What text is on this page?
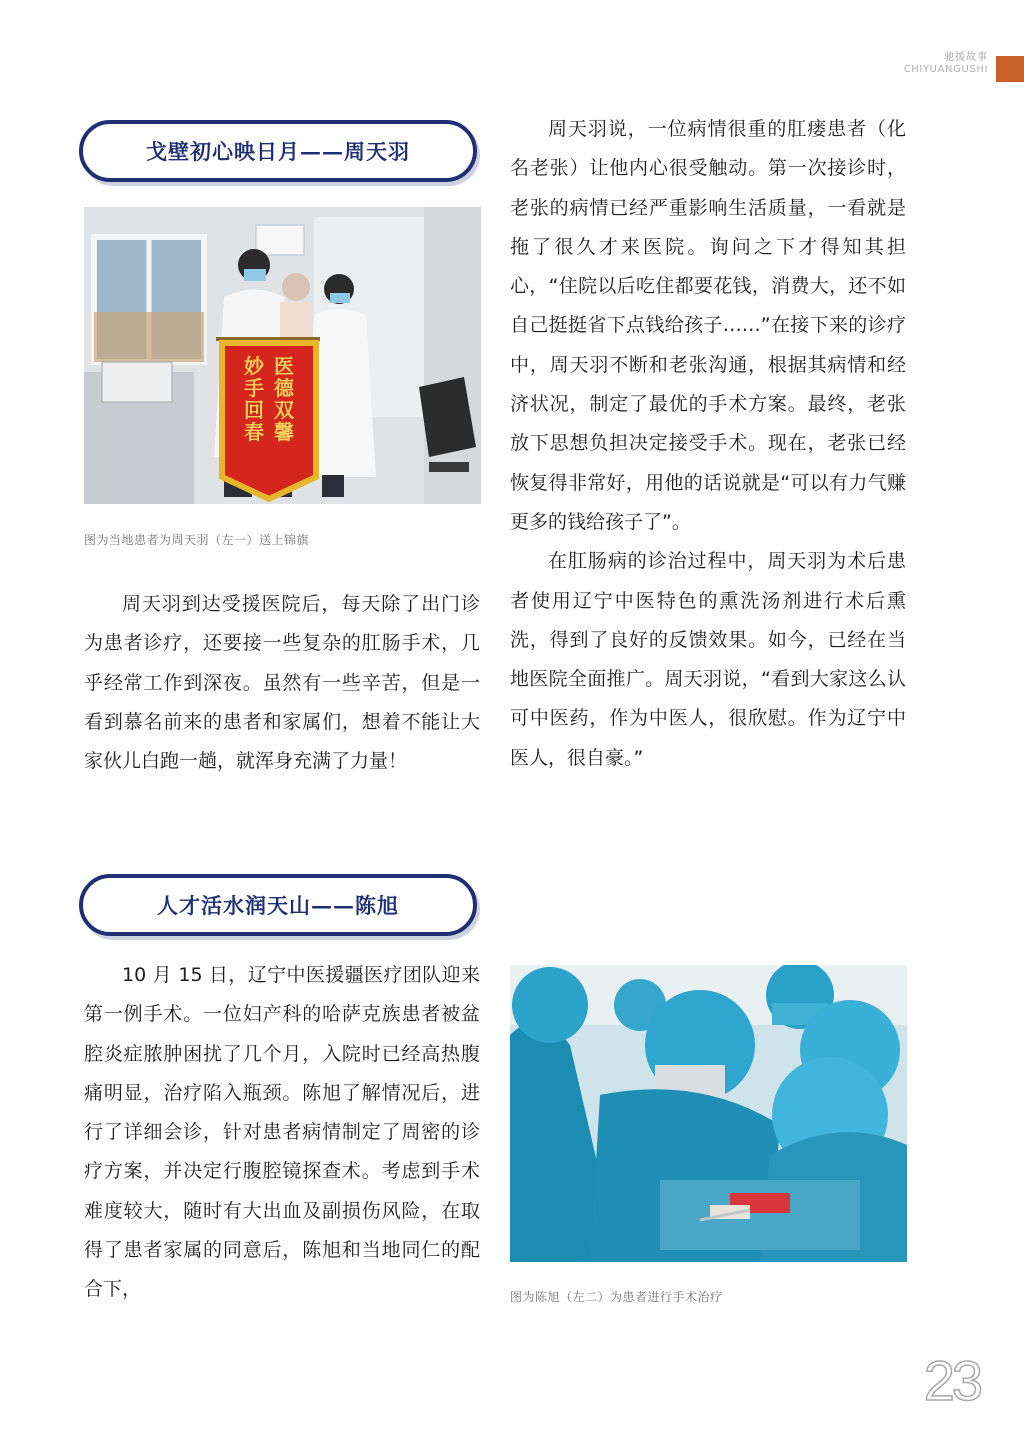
驰援故事
CHIYUANGUSHI
戈壁初心映日月——周天羽
妙手回春
医德双馨
图为当地患者为周天羽（左一）送上锦旗

周天羽到达受援医院后，每天除了出门诊为患者诊疗，还要接一些复杂的肛肠手术，几乎经常工作到深夜。虽然有一些辛苦，但是一看到慕名前来的患者和家属们，想着不能让大家伙儿白跑一趟，就浑身充满了力量！

周天羽说，一位病情很重的肛瘘患者（化名老张）让他内心很受触动。第一次接诊时，老张的病情已经严重影响生活质量，一看就是拖了很久才来医院。询问之下才得知其担心，“住院以后吃住都要花钱，消费大，还不如自己挺挺省下点钱给孩子……”在接下来的诊疗中，周天羽不断和老张沟通，根据其病情和经济状况，制定了最优的手术方案。最终，老张放下思想负担决定接受手术。现在，老张已经恢复得非常好，用他的话说就是“可以有力气赚更多的钱给孩子了”。

在肛肠病的诊治过程中，周天羽为术后患者使用辽宁中医特色的熏洗汤剂进行术后熏洗，得到了良好的反馈效果。如今，已经在当地医院全面推广。周天羽说，“看到大家这么认可中医药，作为中医人，很欣慰。作为辽宁中医人，很自豪。”

人才活水润天山——陈旭

10 月 15 日，辽宁中医援疆医疗团队迎来第一例手术。一位妇产科的哈萨克族患者被盆腔炎症脓肿困扰了几个月，入院时已经高热腹痛明显，治疗陷入瓶颈。陈旭了解情况后，进行了详细会诊，针对患者病情制定了周密的诊疗方案，并决定行腹腔镜探查术。考虑到手术难度较大，随时有大出血及副损伤风险，在取得了患者家属的同意后，陈旭和当地同仁的配合下，	图为陈旭（左二）为患者进行手术治疗
23
